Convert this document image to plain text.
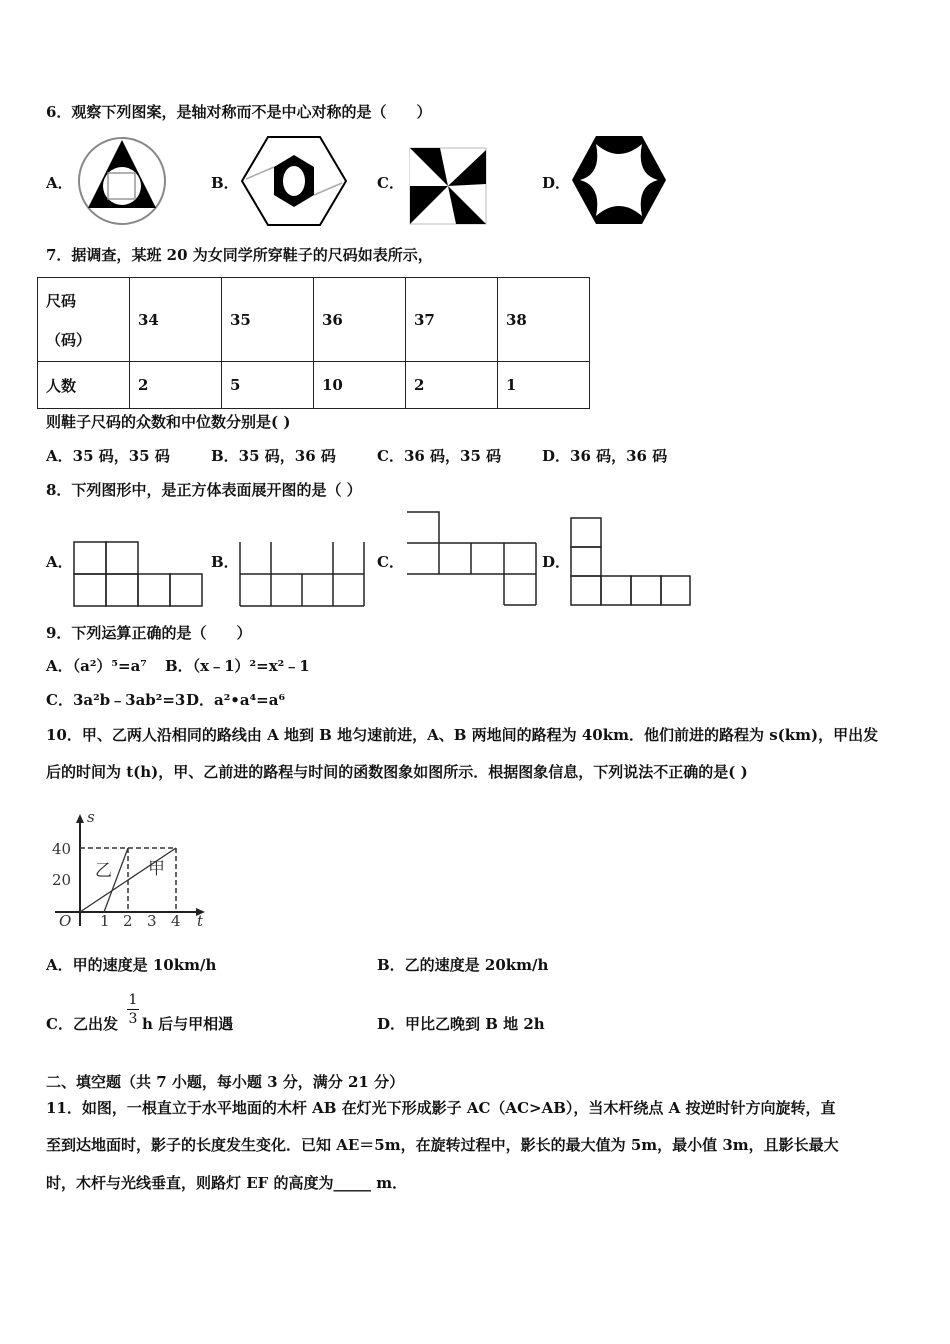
6．观察下列图案，是轴对称而不是中心对称的是（　　）
A．	B．	C．	D．
7．据调查，某班 20 为女同学所穿鞋子的尺码如表所示，
尺码
（码）	34	35	36	37	38
人数	2	5	10	2	1
则鞋子尺码的众数和中位数分别是( )
A．35 码，35 码	B．35 码，36 码	C．36 码，35 码	D．36 码，36 码
8．下列图形中，是正方体表面展开图的是（ ）
A．	B．	C．	D．
9．下列运算正确的是（　　）
A．（a²）⁵=a⁷ B．（x﹣1）²=x²﹣1
C．3a²b﹣3ab²=3 D．a²•a⁴=a⁶
10．甲、乙两人沿相同的路线由 A 地到 B 地匀速前进，A、B 两地间的路程为 40km．他们前进的路程为 s(km)，甲出发
后的时间为 t(h)，甲、乙前进的路程与时间的函数图象如图所示．根据图象信息，下列说法不正确的是( )
s
t
O
20
40
1 2 3 4
乙 甲
A．甲的速度是 10km/h	B．乙的速度是 20km/h
C．乙出发
1
3 h 后与甲相遇	D．甲比乙晚到 B 地 2h
二、填空题（共 7 小题，每小题 3 分，满分 21 分）
11．如图，一根直立于水平地面的木杆 AB 在灯光下形成影子 AC（AC>AB），当木杆绕点 A 按逆时针方向旋转，直
至到达地面时，影子的长度发生变化．已知 AE＝5m，在旋转过程中，影长的最大值为 5m，最小值 3m，且影长最大
时，木杆与光线垂直，则路灯 EF 的高度为_____ m．
